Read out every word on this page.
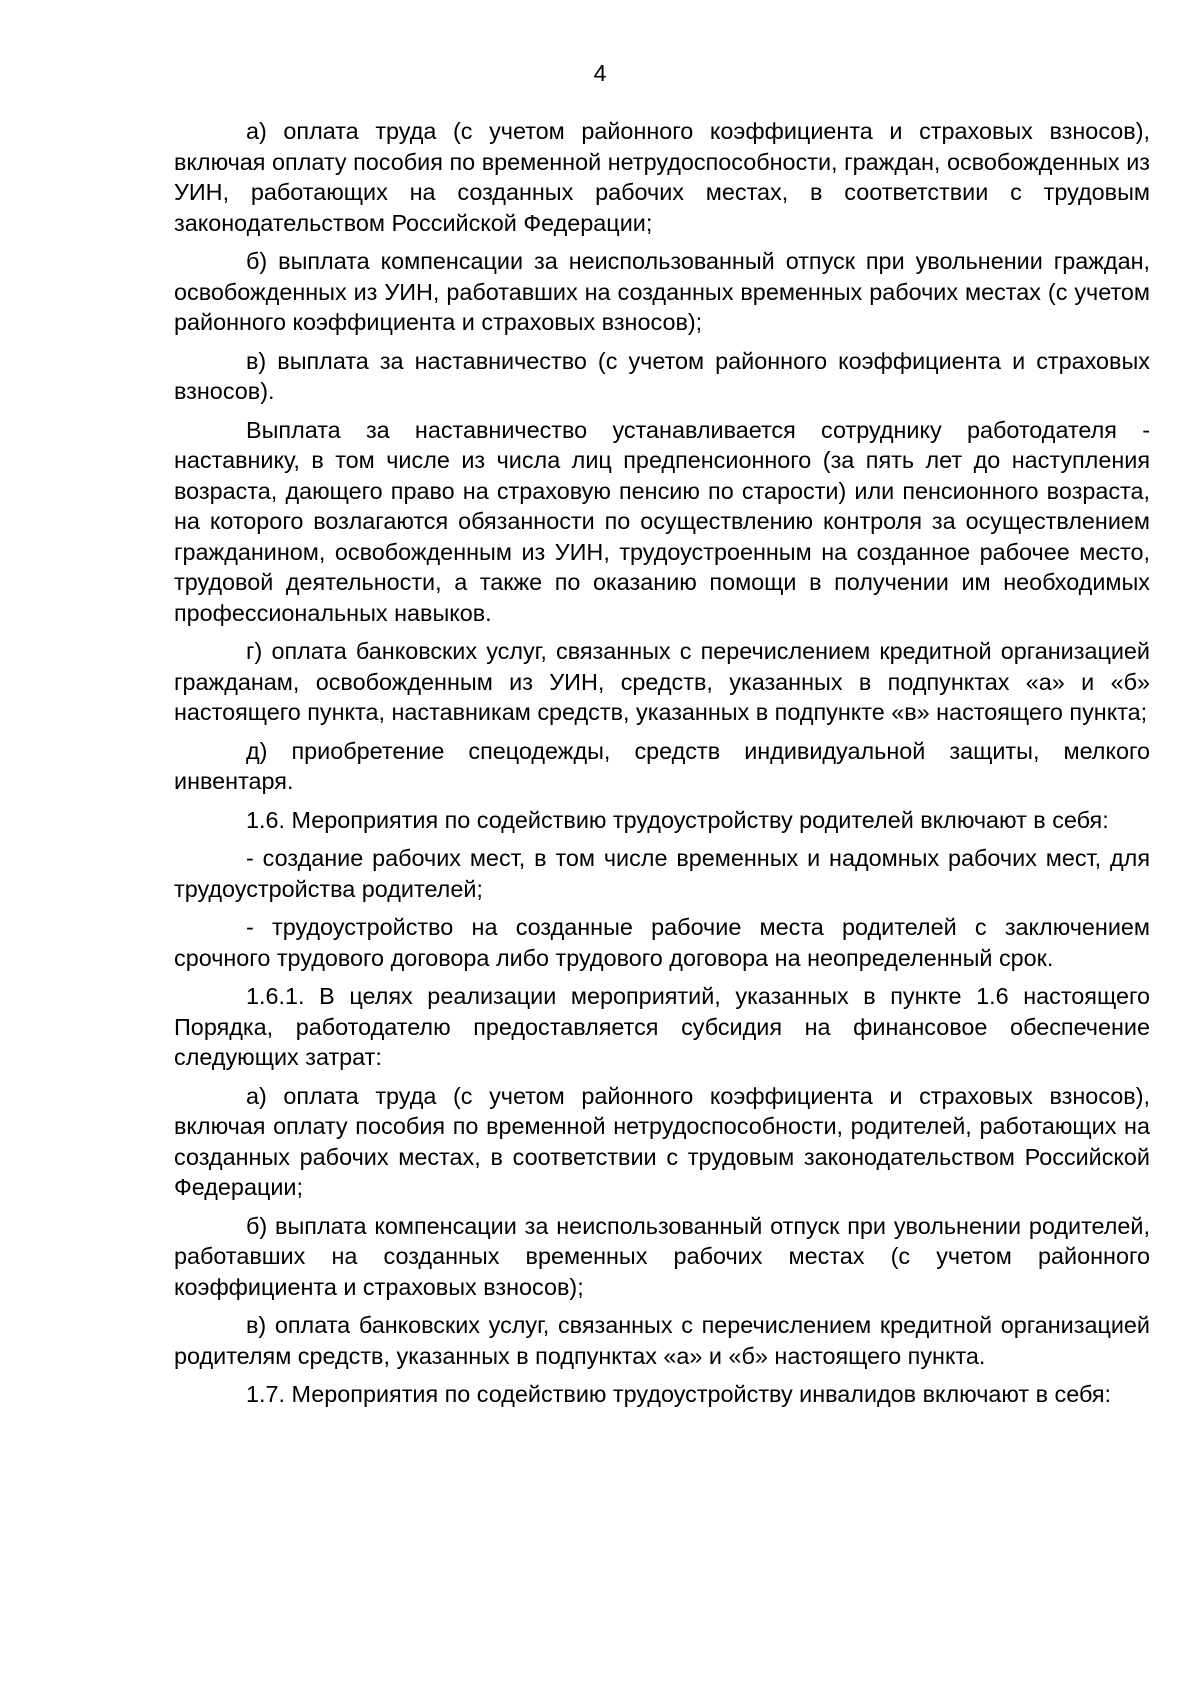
4

а) оплата труда (с учетом районного коэффициента и страховых взносов), включая оплату пособия по временной нетрудоспособности, граждан, освобожденных из УИН, работающих на созданных рабочих местах, в соответствии с трудовым законодательством Российской Федерации;

б) выплата компенсации за неиспользованный отпуск при увольнении граждан, освобожденных из УИН, работавших на созданных временных рабочих местах (с учетом районного коэффициента и страховых взносов);

в) выплата за наставничество (с учетом районного коэффициента и страховых взносов).

Выплата за наставничество устанавливается сотруднику работодателя - наставнику, в том числе из числа лиц предпенсионного (за пять лет до наступления возраста, дающего право на страховую пенсию по старости) или пенсионного возраста, на которого возлагаются обязанности по осуществлению контроля за осуществлением гражданином, освобожденным из УИН, трудоустроенным на созданное рабочее место, трудовой деятельности, а также по оказанию помощи в получении им необходимых профессиональных навыков.

г) оплата банковских услуг, связанных с перечислением кредитной организацией гражданам, освобожденным из УИН, средств, указанных в подпунктах «а» и «б» настоящего пункта, наставникам средств, указанных в подпункте «в» настоящего пункта;

д) приобретение спецодежды, средств индивидуальной защиты, мелкого инвентаря.

1.6. Мероприятия по содействию трудоустройству родителей включают в себя:

- создание рабочих мест, в том числе временных и надомных рабочих мест, для трудоустройства родителей;

- трудоустройство на созданные рабочие места родителей с заключением срочного трудового договора либо трудового договора на неопределенный срок.

1.6.1. В целях реализации мероприятий, указанных в пункте 1.6 настоящего Порядка, работодателю предоставляется субсидия на финансовое обеспечение следующих затрат:

а) оплата труда (с учетом районного коэффициента и страховых взносов), включая оплату пособия по временной нетрудоспособности, родителей, работающих на созданных рабочих местах, в соответствии с трудовым законодательством Российской Федерации;

б) выплата компенсации за неиспользованный отпуск при увольнении родителей, работавших на созданных временных рабочих местах (с учетом районного коэффициента и страховых взносов);

в) оплата банковских услуг, связанных с перечислением кредитной организацией родителям средств, указанных в подпунктах «а» и «б» настоящего пункта.

1.7. Мероприятия по содействию трудоустройству инвалидов включают в себя:
